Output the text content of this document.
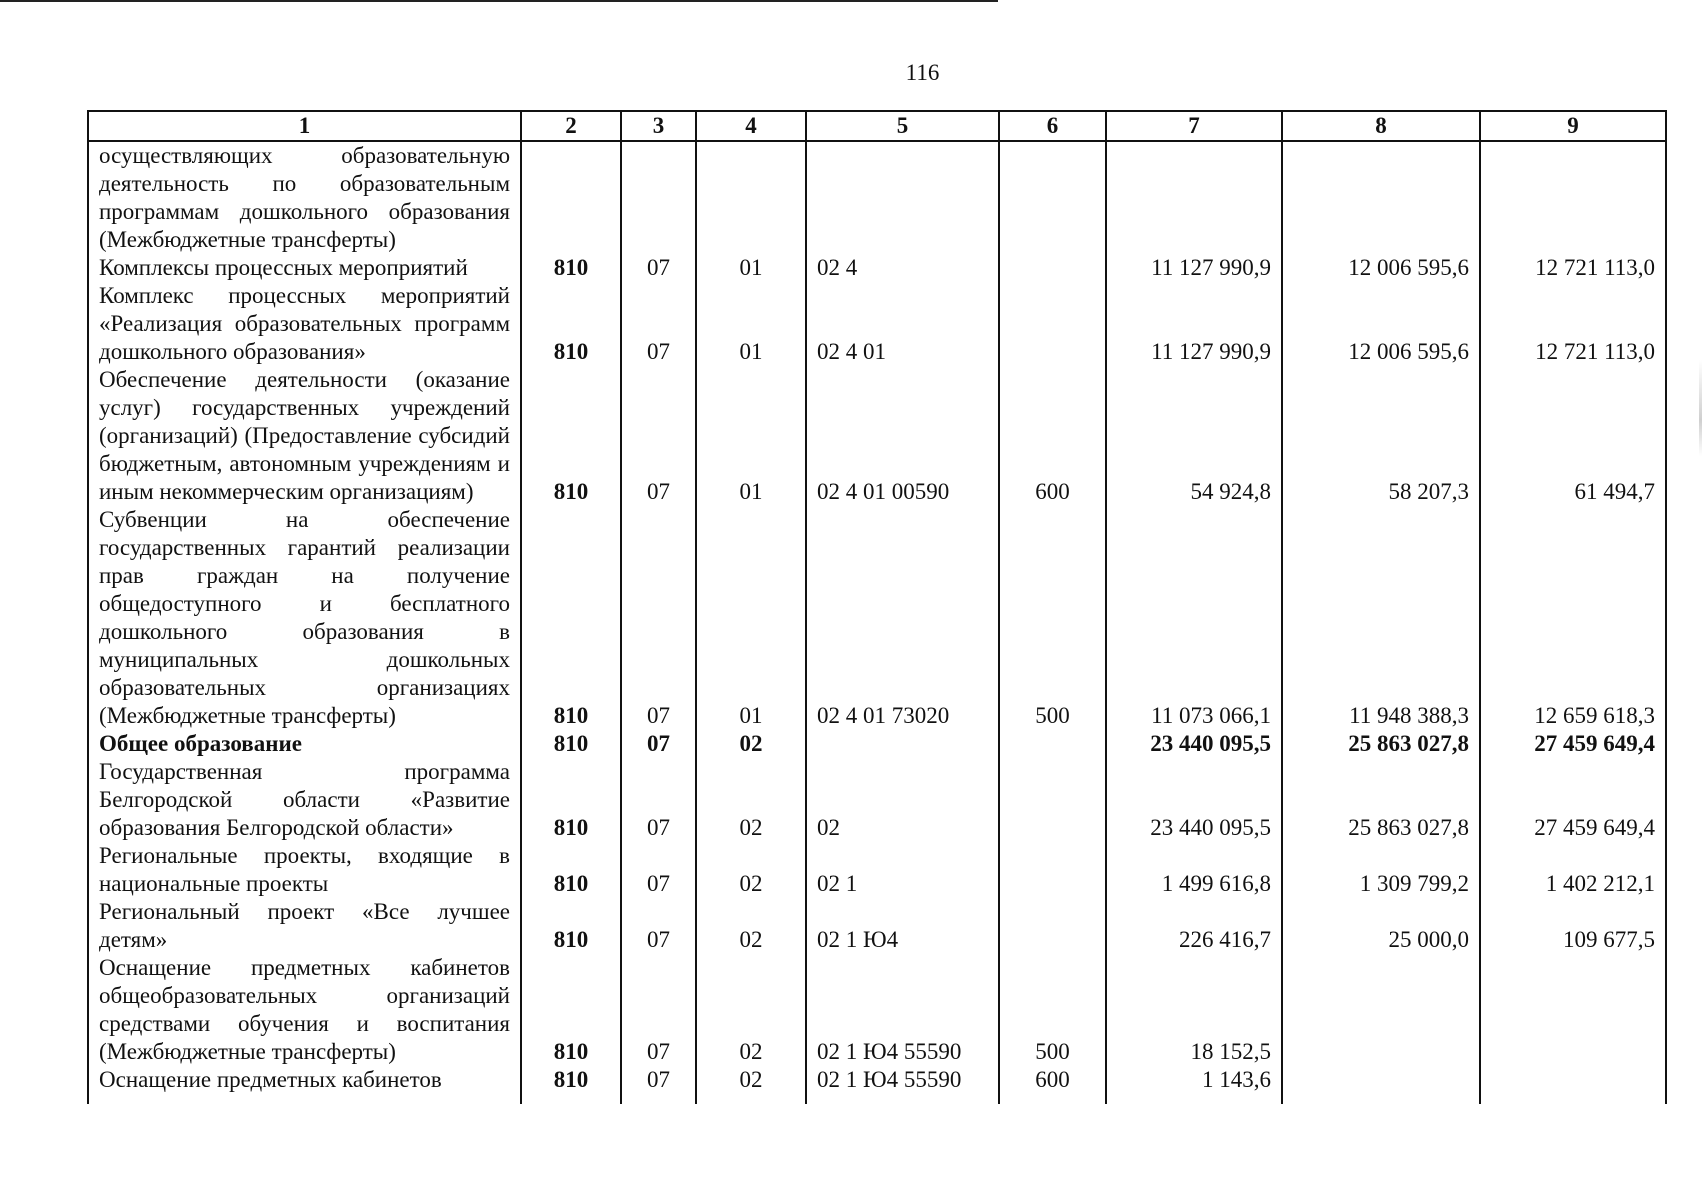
116
1	2	3	4	5	6	7	8	9
осуществляющих образовательную деятельность по образовательным программам дошкольного образования (Межбюджетные трансферты)								
Комплексы процессных мероприятий	810	07	01	02 4		11 127 990,9	12 006 595,6	12 721 113,0
Комплекс процессных мероприятий «Реализация образовательных программ дошкольного образования»	810	07	01	02 4 01		11 127 990,9	12 006 595,6	12 721 113,0
Обеспечение деятельности (оказание услуг) государственных учреждений (организаций) (Предоставление субсидий бюджетным, автономным учреждениям и иным некоммерческим организациям)	810	07	01	02 4 01 00590	600	54 924,8	58 207,3	61 494,7
Субвенции на обеспечение государственных гарантий реализации прав граждан на получение общедоступного и бесплатного дошкольного образования в муниципальных дошкольных образовательных организациях (Межбюджетные трансферты)	810	07	01	02 4 01 73020	500	11 073 066,1	11 948 388,3	12 659 618,3
Общее образование	810	07	02			23 440 095,5	25 863 027,8	27 459 649,4
Государственная программа Белгородской области «Развитие образования Белгородской области»	810	07	02	02		23 440 095,5	25 863 027,8	27 459 649,4
Региональные проекты, входящие в национальные проекты	810	07	02	02 1		1 499 616,8	1 309 799,2	1 402 212,1
Региональный проект «Все лучшее детям»	810	07	02	02 1 Ю4		226 416,7	25 000,0	109 677,5
Оснащение предметных кабинетов общеобразовательных организаций средствами обучения и воспитания (Межбюджетные трансферты)	810	07	02	02 1 Ю4 55590	500	18 152,5		
Оснащение предметных кабинетов	810	07	02	02 1 Ю4 55590	600	1 143,6		
